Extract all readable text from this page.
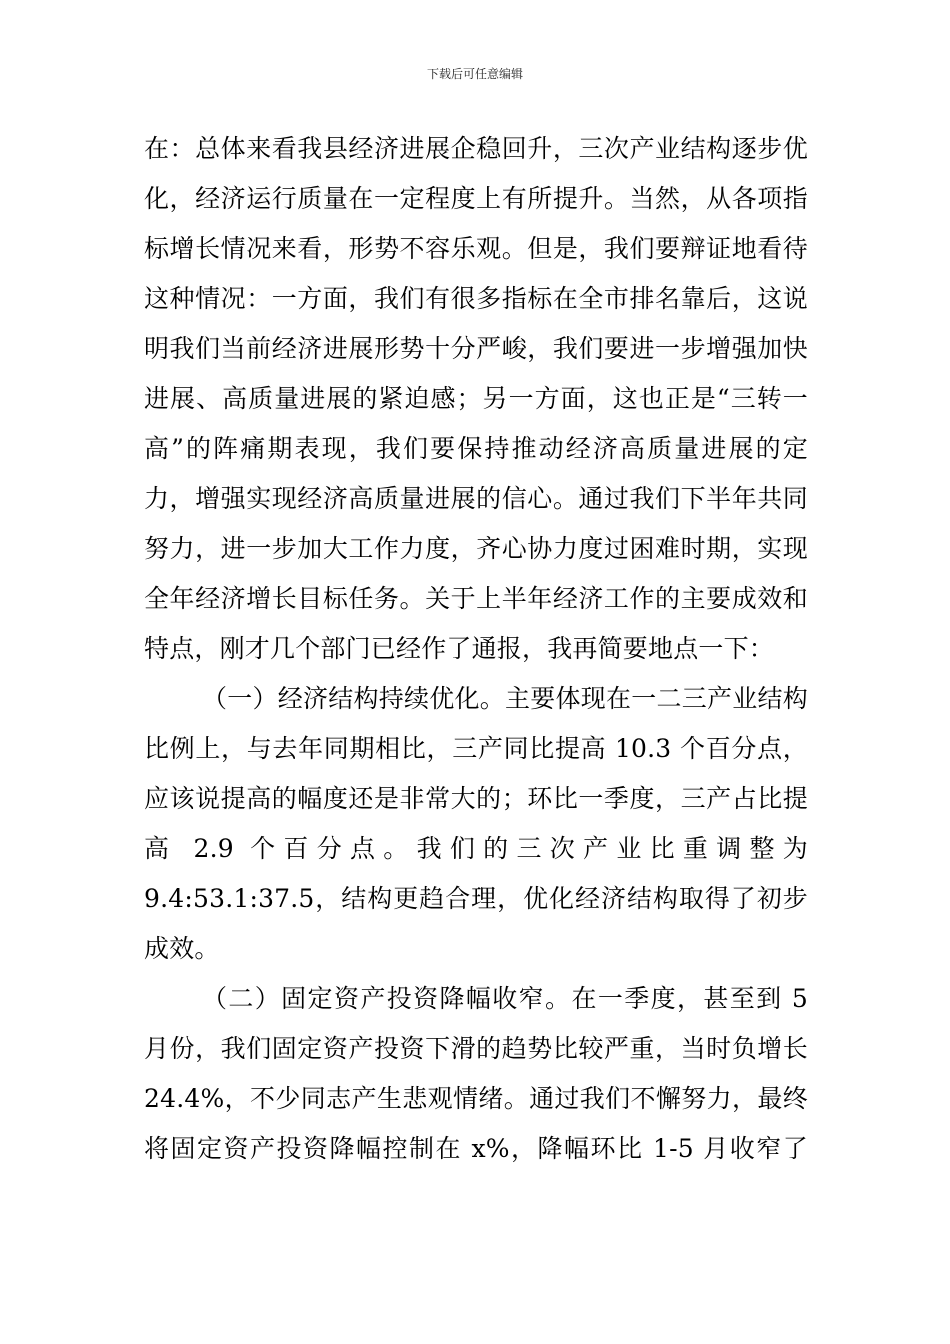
下载后可任意编辑

在：总体来看我县经济进展企稳回升，三次产业结构逐步优化，经济运行质量在一定程度上有所提升。当然，从各项指标增长情况来看，形势不容乐观。但是，我们要辩证地看待这种情况：一方面，我们有很多指标在全市排名靠后，这说明我们当前经济进展形势十分严峻，我们要进一步增强加快进展、高质量进展的紧迫感；另一方面，这也正是“三转一高”的阵痛期表现，我们要保持推动经济高质量进展的定力，增强实现经济高质量进展的信心。通过我们下半年共同努力，进一步加大工作力度，齐心协力度过困难时期，实现全年经济增长目标任务。关于上半年经济工作的主要成效和特点，刚才几个部门已经作了通报，我再简要地点一下：

（一）经济结构持续优化。主要体现在一二三产业结构比例上，与去年同期相比，三产同比提高 10.3 个百分点，应该说提高的幅度还是非常大的；环比一季度，三产占比提高 2.9 个百分点。我们的三次产业比重调整为 9.4:53.1:37.5，结构更趋合理，优化经济结构取得了初步成效。

（二）固定资产投资降幅收窄。在一季度，甚至到 5 月份，我们固定资产投资下滑的趋势比较严重，当时负增长 24.4%，不少同志产生悲观情绪。通过我们不懈努力，最终将固定资产投资降幅控制在 x%，降幅环比 1-5 月收窄了
